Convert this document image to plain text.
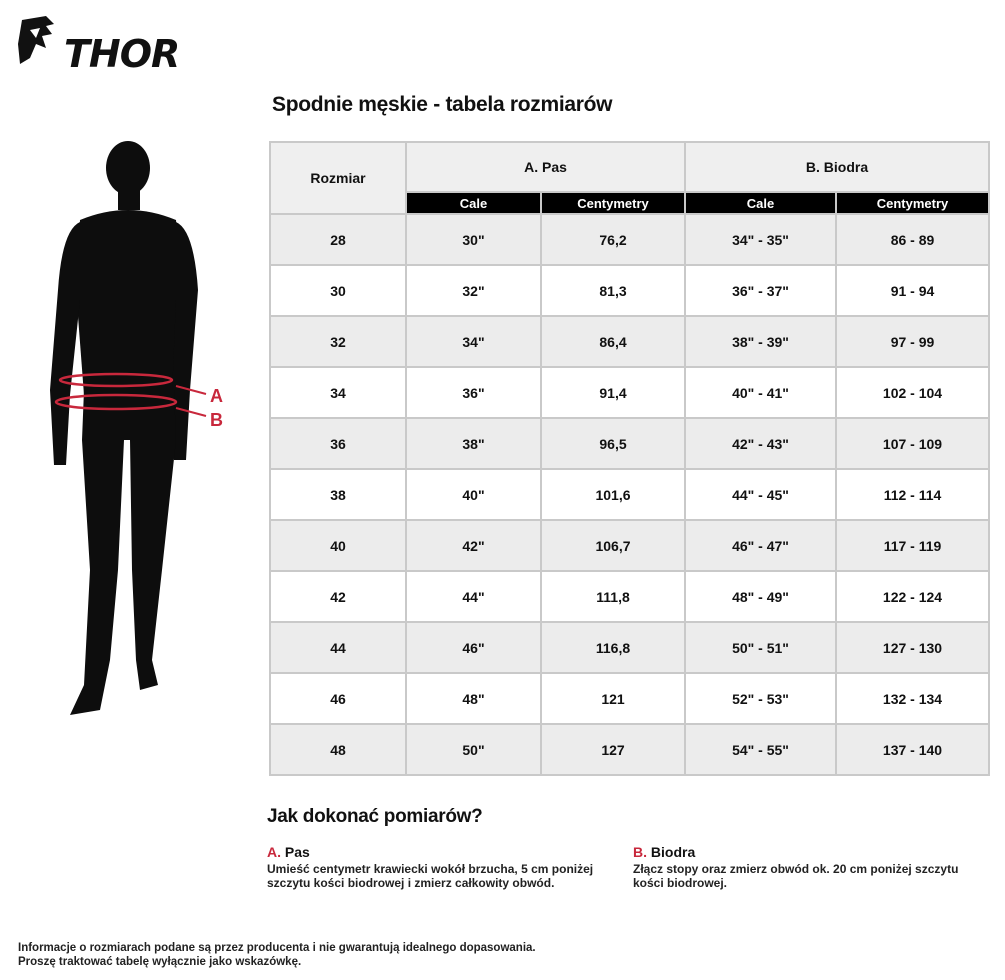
THOR
Spodnie męskie - tabela rozmiarów
A
B
Rozmiar	A. Pas		B. Biodra	
	Cale	Centymetry	Cale	Centymetry
28	30"	76,2	34" - 35"	86 - 89
30	32"	81,3	36" - 37"	91 - 94
32	34"	86,4	38" - 39"	97 - 99
34	36"	91,4	40" - 41"	102 - 104
36	38"	96,5	42" - 43"	107 - 109
38	40"	101,6	44" - 45"	112 - 114
40	42"	106,7	46" - 47"	117 - 119
42	44"	111,8	48" - 49"	122 - 124
44	46"	116,8	50" - 51"	127 - 130
46	48"	121	52" - 53"	132 - 134
48	50"	127	54" - 55"	137 - 140
Jak dokonać pomiarów?
A. Pas

Umieść centymetr krawiecki wokół brzucha, 5 cm poniżej szczytu kości biodrowej i zmierz całkowity obwód.

B. Biodra

Złącz stopy oraz zmierz obwód ok. 20 cm poniżej szczytu kości biodrowej.

Informacje o rozmiarach podane są przez producenta i nie gwarantują idealnego dopasowania.

Proszę traktować tabelę wyłącznie jako wskazówkę.
